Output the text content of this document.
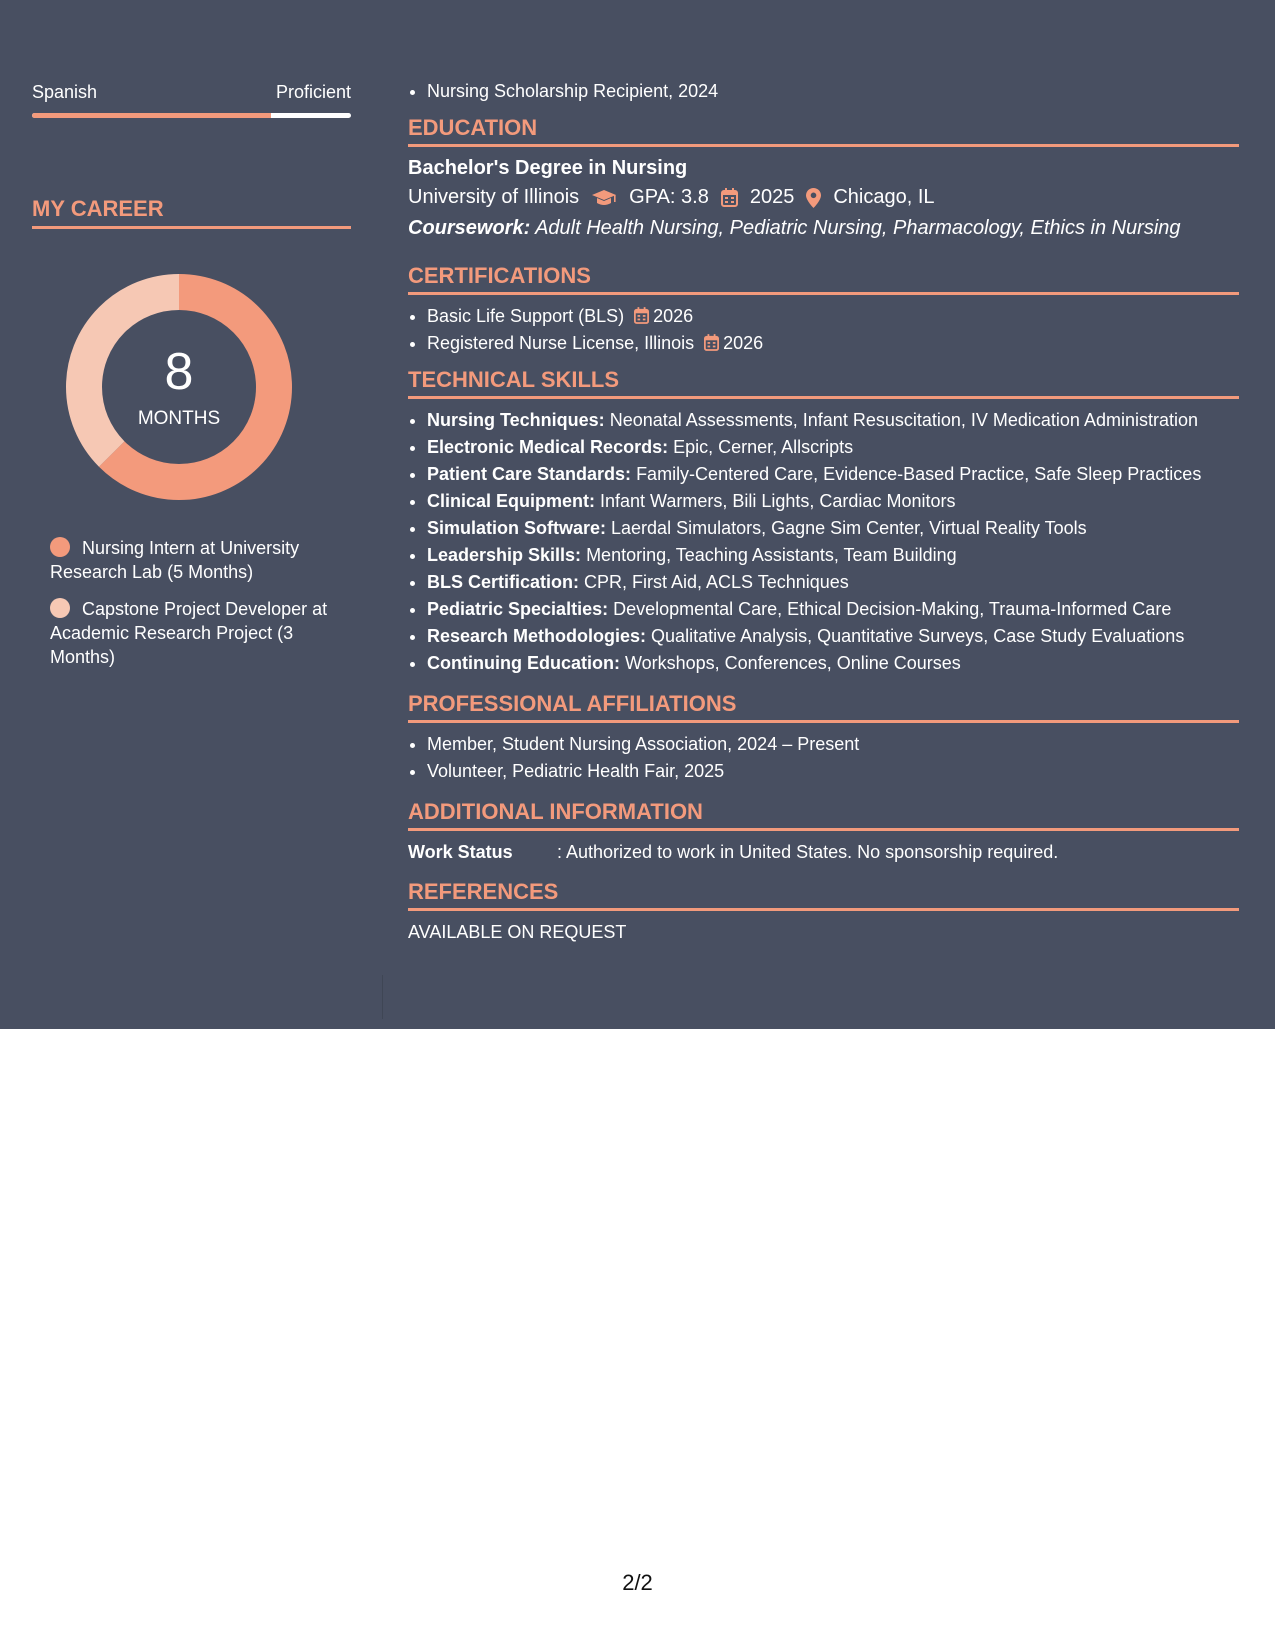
Spanish	Proficient
MY CAREER
8
MONTHS
Nursing Intern at University Research Lab (5 Months)
Capstone Project Developer at Academic Research Project (3 Months)
• Nursing Scholarship Recipient, 2024
EDUCATION
Bachelor's Degree in Nursing
University of Illinois	GPA: 3.8 2025 Chicago, IL
Coursework: Adult Health Nursing, Pediatric Nursing, Pharmacology, Ethics in Nursing
CERTIFICATIONS
• Basic Life Support (BLS) 2026
• Registered Nurse License, Illinois 2026
TECHNICAL SKILLS
• Nursing Techniques: Neonatal Assessments, Infant Resuscitation, IV Medication Administration
• Electronic Medical Records: Epic, Cerner, Allscripts
• Patient Care Standards: Family-Centered Care, Evidence-Based Practice, Safe Sleep Practices
• Clinical Equipment: Infant Warmers, Bili Lights, Cardiac Monitors
• Simulation Software: Laerdal Simulators, Gagne Sim Center, Virtual Reality Tools
• Leadership Skills: Mentoring, Teaching Assistants, Team Building
• BLS Certification: CPR, First Aid, ACLS Techniques
• Pediatric Specialties: Developmental Care, Ethical Decision-Making, Trauma-Informed Care
• Research Methodologies: Qualitative Analysis, Quantitative Surveys, Case Study Evaluations
• Continuing Education: Workshops, Conferences, Online Courses
PROFESSIONAL AFFILIATIONS
• Member, Student Nursing Association, 2024 – Present
• Volunteer, Pediatric Health Fair, 2025
ADDITIONAL INFORMATION
Work Status : Authorized to work in United States. No sponsorship required.
REFERENCES
AVAILABLE ON REQUEST
2/2
